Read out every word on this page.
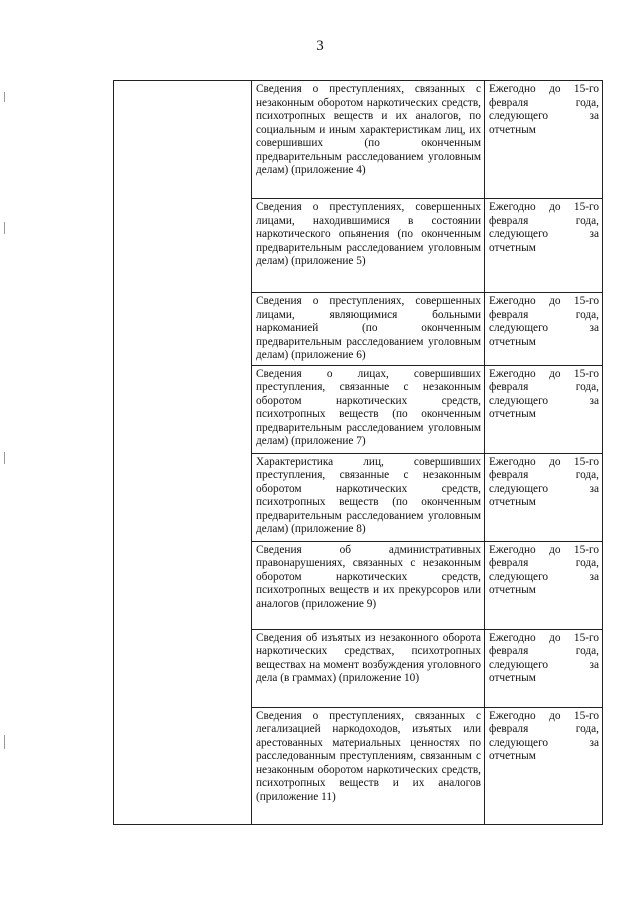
3
	Сведения о преступлениях, связанных с незаконным оборотом наркотических средств, психотропных веществ и их аналогов, по социальным и иным характеристикам лиц, их совершивших (по оконченным предварительным расследованием уголовным делам) (приложение 4)	Ежегодно до 15-го февраля года, следующего за отчетным
	Сведения о преступлениях, совершенных лицами, находившимися в состоянии наркотического опьянения (по оконченным предварительным расследованием уголовным делам) (приложение 5)	Ежегодно до 15-го февраля года, следующего за отчетным
	Сведения о преступлениях, совершенных лицами, являющимися больными наркоманией (по оконченным предварительным расследованием уголовным делам) (приложение 6)	Ежегодно до 15-го февраля года, следующего за отчетным
	Сведения о лицах, совершивших преступления, связанные с незаконным оборотом наркотических средств, психотропных веществ (по оконченным предварительным расследованием уголовным делам) (приложение 7)	Ежегодно до 15-го февраля года, следующего за отчетным
	Характеристика лиц, совершивших преступления, связанные с незаконным оборотом наркотических средств, психотропных веществ (по оконченным предварительным расследованием уголовным делам) (приложение 8)	Ежегодно до 15-го февраля года, следующего за отчетным
	Сведения об административных правонарушениях, связанных с незаконным оборотом наркотических средств, психотропных веществ и их прекурсоров или аналогов (приложение 9)	Ежегодно до 15-го февраля года, следующего за отчетным
	Сведения об изъятых из незаконного оборота наркотических средствах, психотропных веществах на момент возбуждения уголовного дела (в граммах) (приложение 10)	Ежегодно до 15-го февраля года, следующего за отчетным
	Сведения о преступлениях, связанных с легализацией наркодоходов, изъятых или арестованных материальных ценностях по расследованным преступлениям, связанным с незаконным оборотом наркотических средств, психотропных веществ и их аналогов (приложение 11)	Ежегодно до 15-го февраля года, следующего за отчетным
